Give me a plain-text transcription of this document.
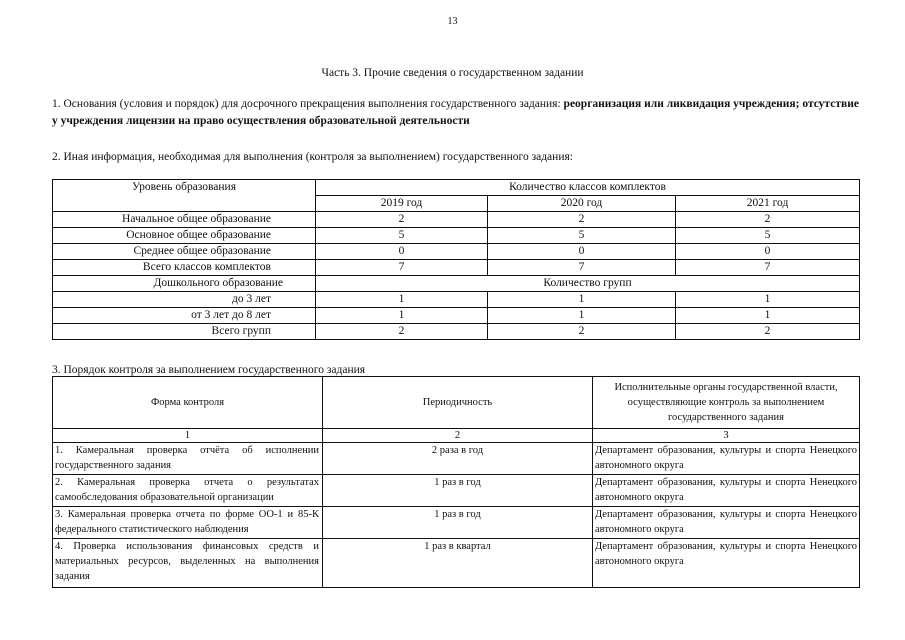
13
Часть 3. Прочие сведения о государственном задании
1. Основания (условия и порядок) для досрочного прекращения выполнения государственного задания: реорганизация или ликвидация учреждения; отсутствие у учреждения лицензии на право осуществления образовательной деятельности
2. Иная информация, необходимая для выполнения (контроля за выполнением) государственного задания:
Уровень образования	Количество классов комплектов		
	2019 год	2020 год	2021 год
Начальное общее образование	2	2	2
Основное общее образование	5	5	5
Среднее общее образование	0	0	0
Всего классов комплектов	7	7	7
Дошкольного образование	Количество групп		
до 3 лет	1	1	1
от 3 лет до 8 лет	1	1	1
Всего групп	2	2	2
3. Порядок контроля за выполнением государственного задания
Форма контроля	Периодичность	Исполнительные органы государственной власти, осуществляющие контроль за выполнением государственного задания
1	2	3
1. Камеральная проверка отчёта об исполнении государственного задания	2 раза в год	Департамент образования, культуры и спорта Ненецкого автономного округа
2. Камеральная проверка отчета о результатах самообследования образовательной организации	1 раз в год	Департамент образования, культуры и спорта Ненецкого автономного округа
3. Камеральная проверка отчета по форме ОО-1 и 85-К федерального статистического наблюдения	1 раз в год	Департамент образования, культуры и спорта Ненецкого автономного округа
4. Проверка использования финансовых средств и материальных ресурсов, выделенных на выполнения задания	1 раз в квартал	Департамент образования, культуры и спорта Ненецкого автономного округа
